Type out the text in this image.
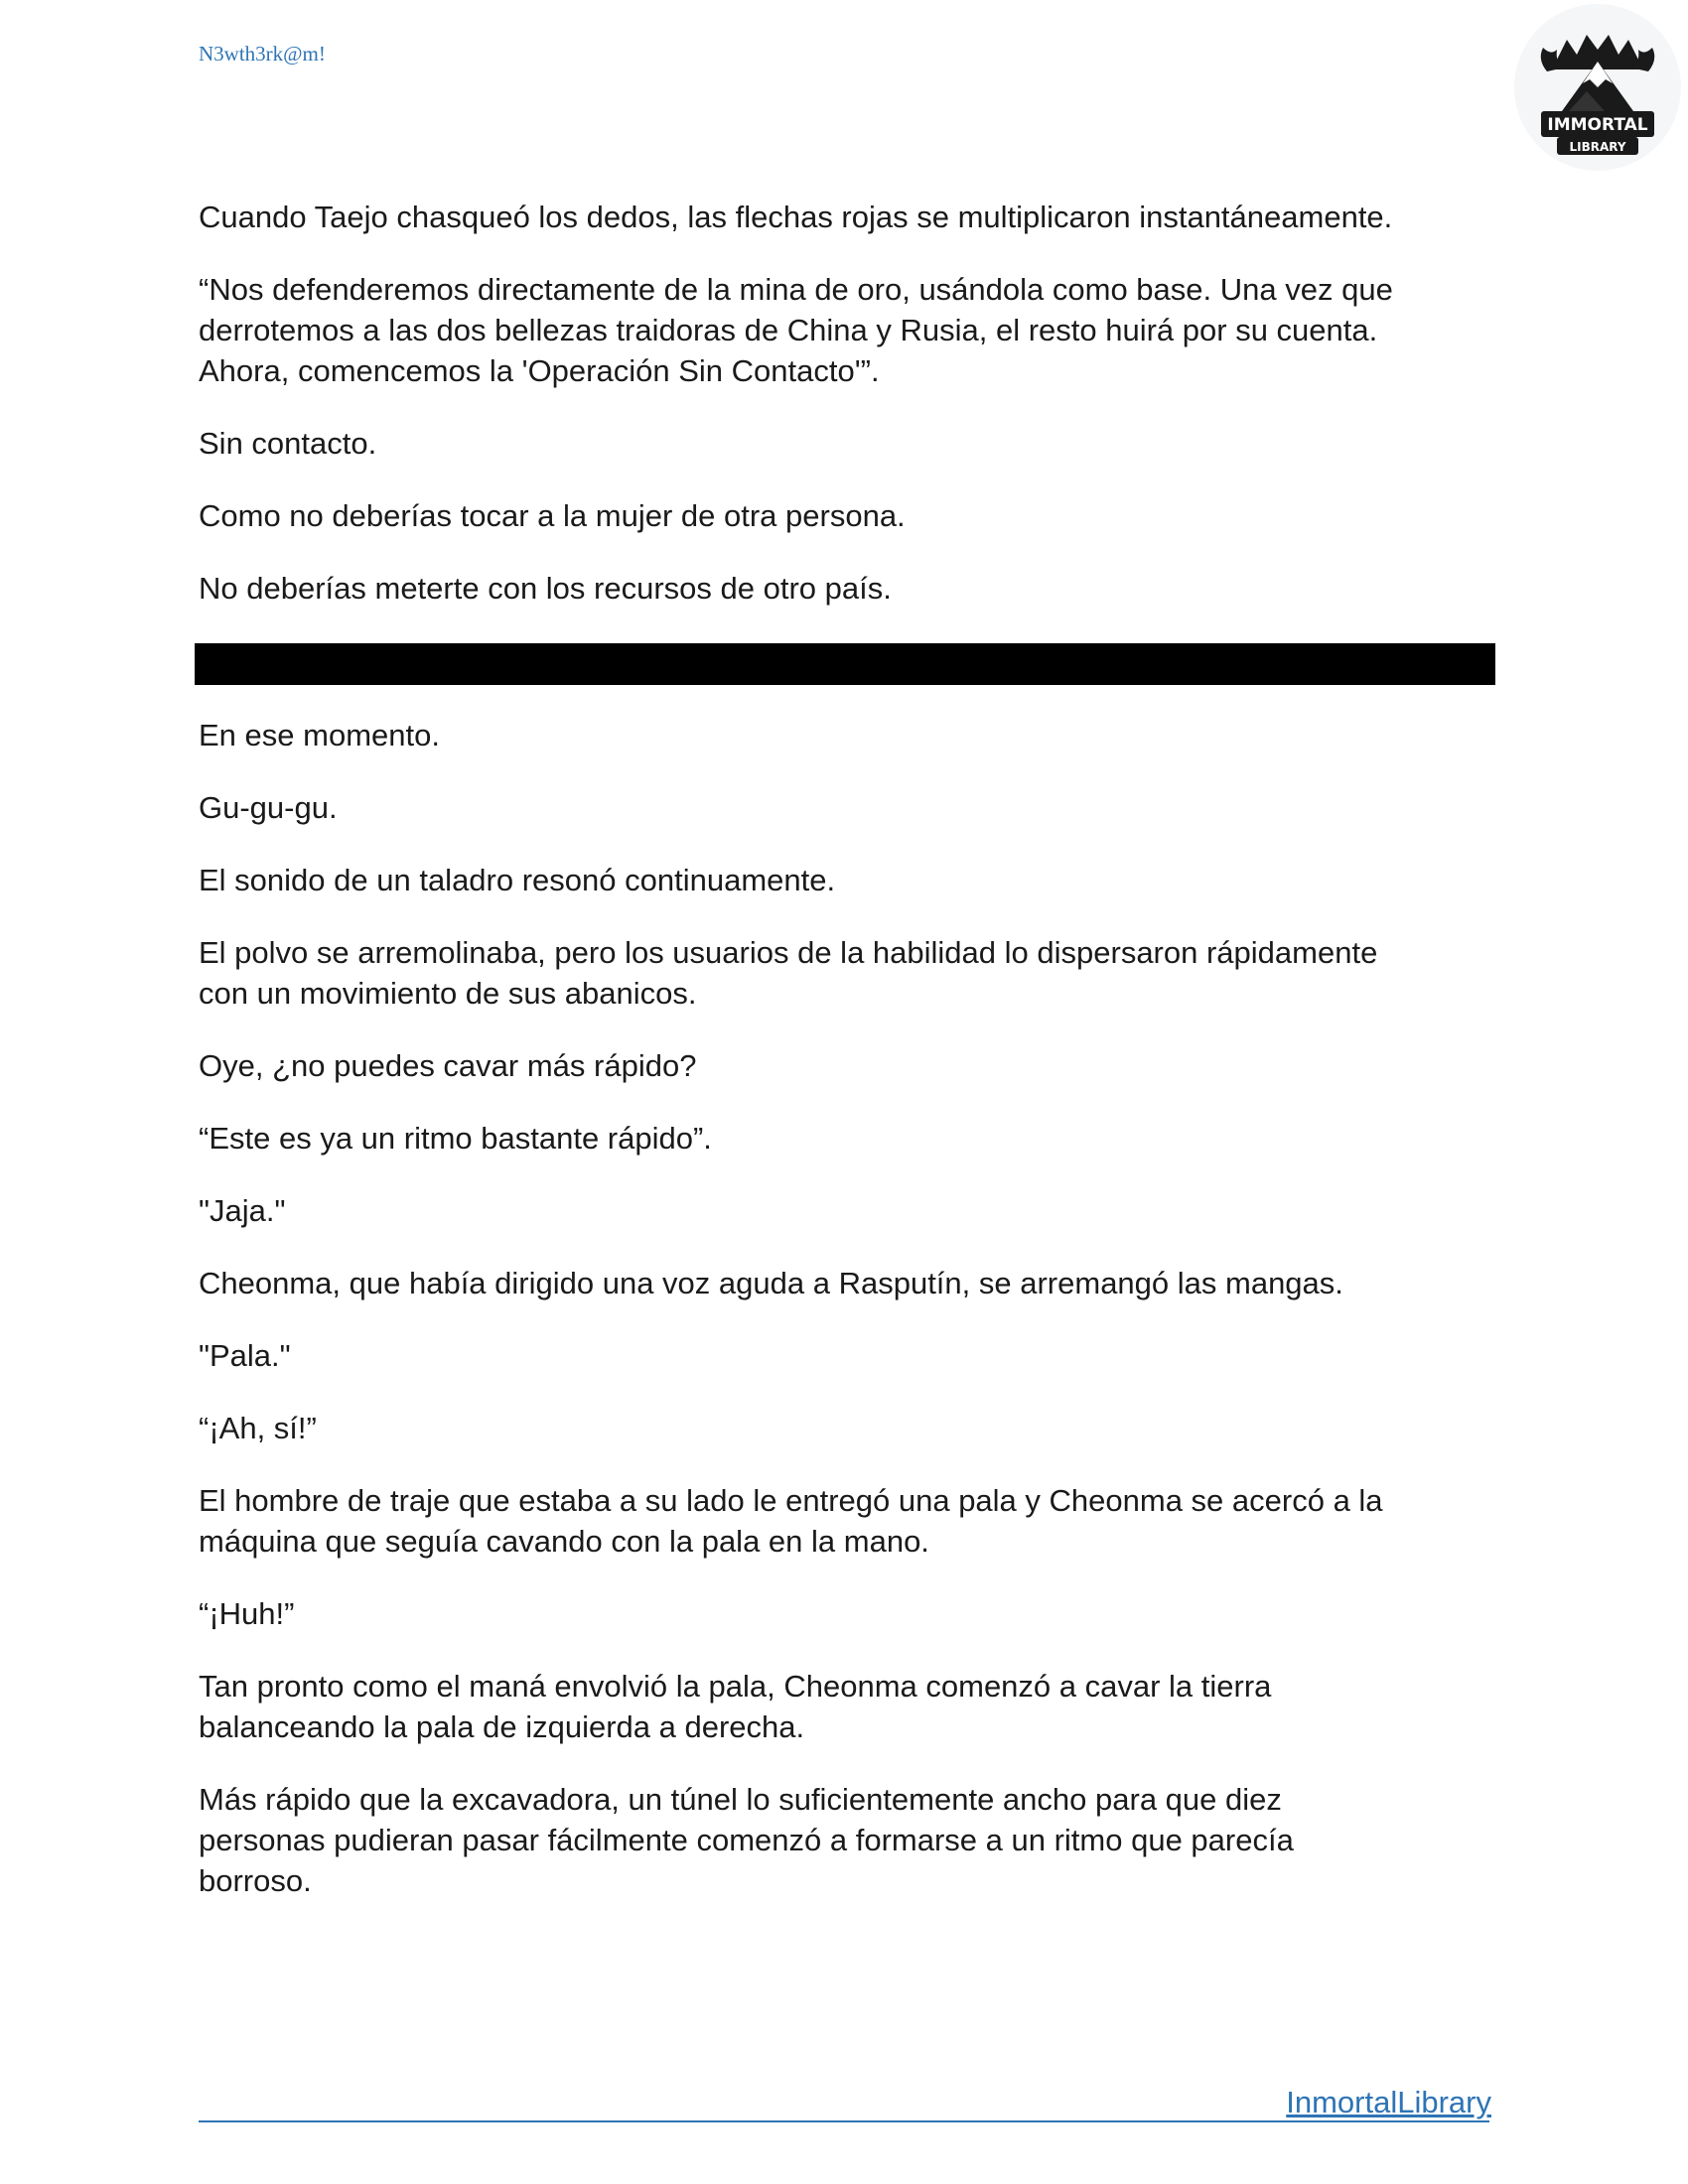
N3wth3rk@m!
IMMORTAL
LIBRARY

Cuando Taejo chasqueó los dedos, las flechas rojas se multiplicaron instantáneamente.

“Nos defenderemos directamente de la mina de oro, usándola como base. Una vez que
derrotemos a las dos bellezas traidoras de China y Rusia, el resto huirá por su cuenta.
Ahora, comencemos la 'Operación Sin Contacto'”.

Sin contacto.

Como no deberías tocar a la mujer de otra persona.

No deberías meterte con los recursos de otro país.

En ese momento.

Gu-gu-gu.

El sonido de un taladro resonó continuamente.

El polvo se arremolinaba, pero los usuarios de la habilidad lo dispersaron rápidamente
con un movimiento de sus abanicos.

Oye, ¿no puedes cavar más rápido?

“Este es ya un ritmo bastante rápido”.

"Jaja."

Cheonma, que había dirigido una voz aguda a Rasputín, se arremangó las mangas.

"Pala."

“¡Ah, sí!”

El hombre de traje que estaba a su lado le entregó una pala y Cheonma se acercó a la
máquina que seguía cavando con la pala en la mano.

“¡Huh!”

Tan pronto como el maná envolvió la pala, Cheonma comenzó a cavar la tierra
balanceando la pala de izquierda a derecha.

Más rápido que la excavadora, un túnel lo suficientemente ancho para que diez
personas pudieran pasar fácilmente comenzó a formarse a un ritmo que parecía
borroso.

InmortalLibrary
